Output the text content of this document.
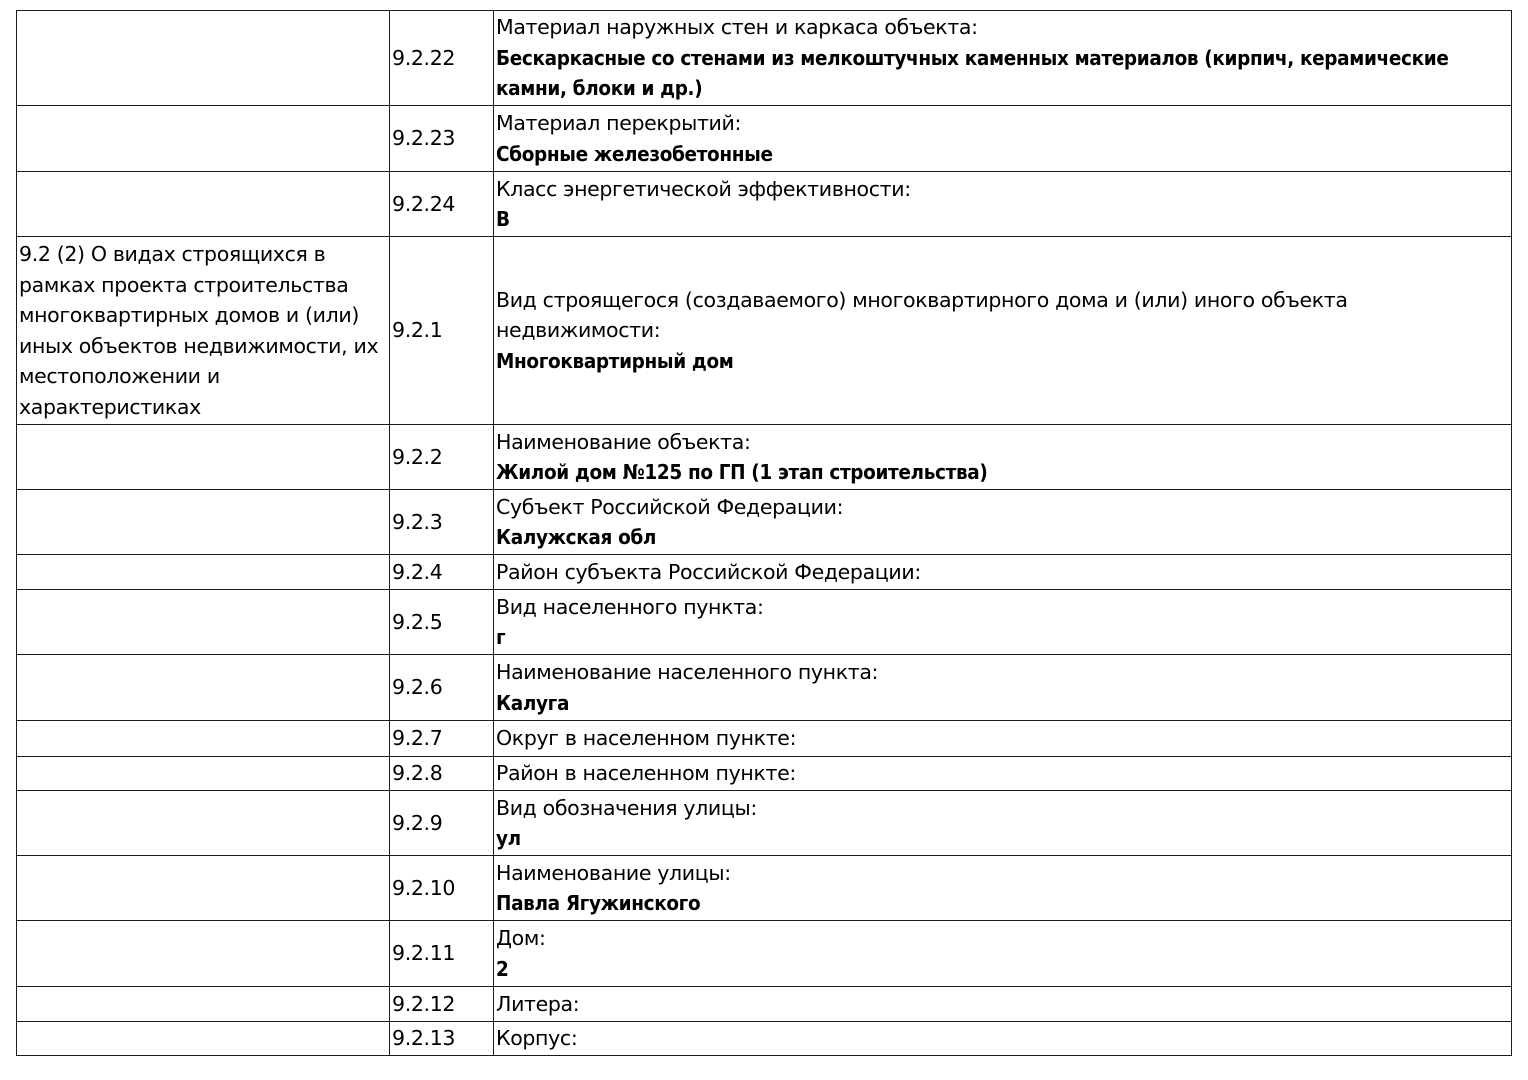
	9.2.22	Материал наружных стен и каркаса объекта:
Бескаркасные со стенами из мелкоштучных каменных материалов (кирпич, керамические камни, блоки и др.)

	9.2.23	Материал перекрытий:
Сборные железобетонные

	9.2.24	Класс энергетической эффективности:
В

9.2 (2) О видах строящихся в рамках проекта строительства многоквартирных домов и (или) иных объектов недвижимости, их местоположении и характеристиках	9.2.1	Вид строящегося (создаваемого) многоквартирного дома и (или) иного объекта недвижимости:
Многоквартирный дом

	9.2.2	Наименование объекта:
Жилой дом №125 по ГП (1 этап строительства)

	9.2.3	Субъект Российской Федерации:
Калужская обл

	9.2.4	Район субъекта Российской Федерации:

	9.2.5	Вид населенного пункта:
г

	9.2.6	Наименование населенного пункта:
Калуга

	9.2.7	Округ в населенном пункте:

	9.2.8	Район в населенном пункте:

	9.2.9	Вид обозначения улицы:
ул

	9.2.10	Наименование улицы:
Павла Ягужинского

	9.2.11	Дом:
2

	9.2.12	Литера:

	9.2.13	Корпус:
